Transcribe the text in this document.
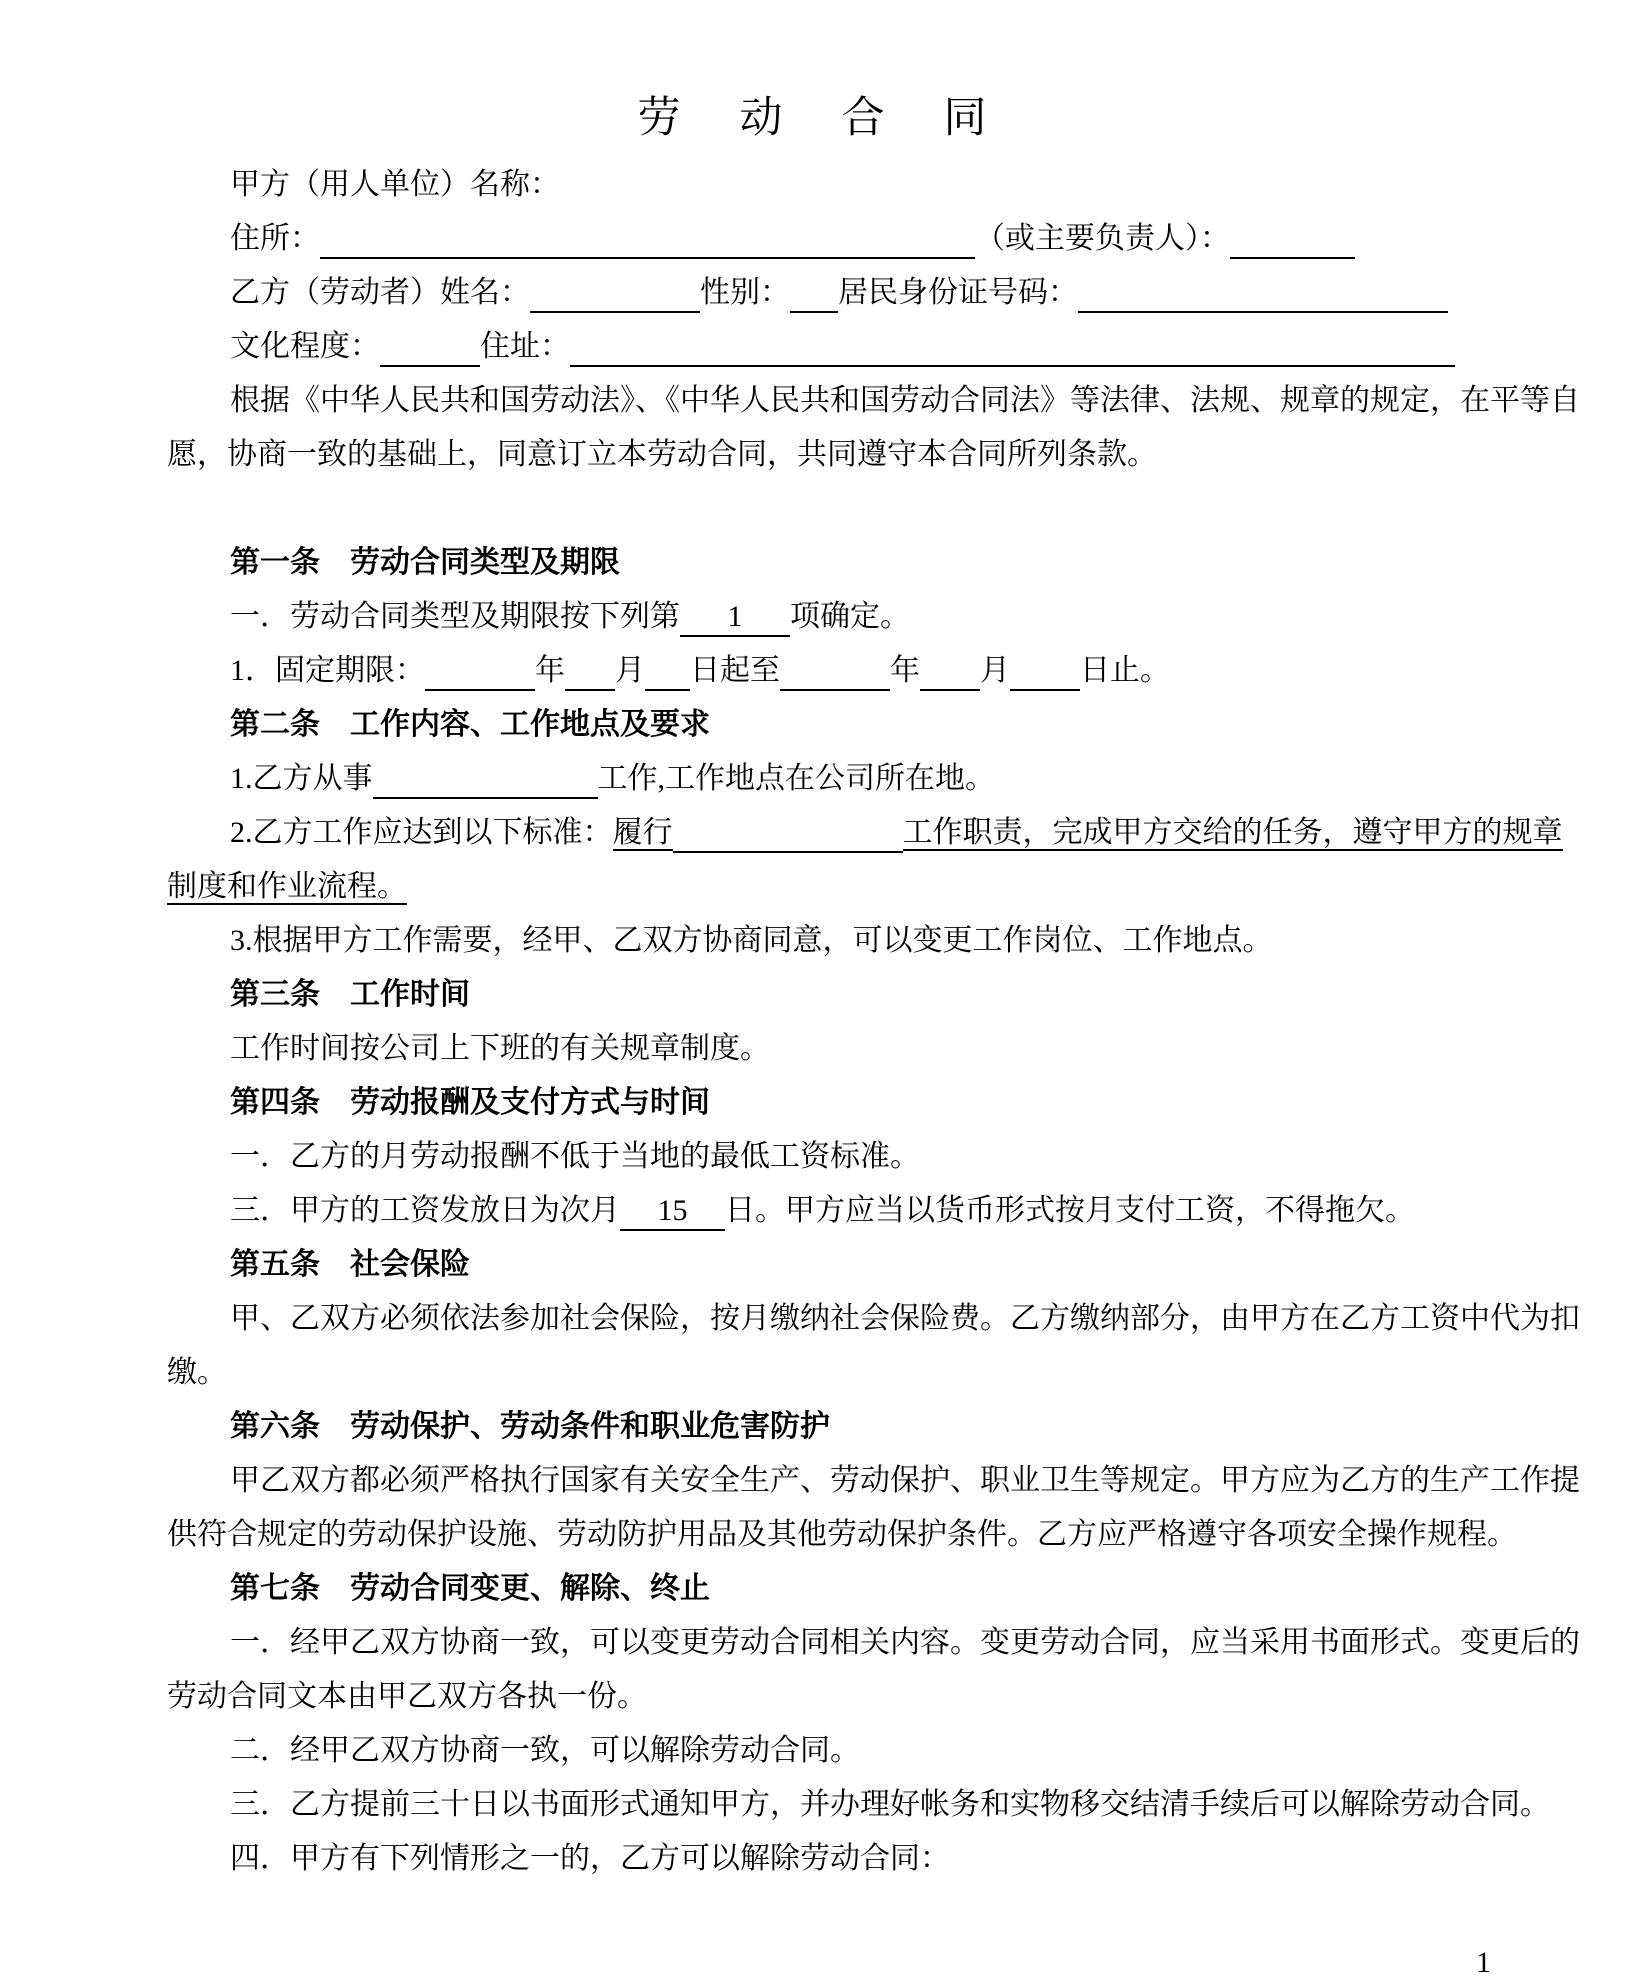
劳　动　合　同

甲方（用人单位）名称：

住所：	（或主要负责人）：

乙方（劳动者）姓名：	性别： 居民身份证号码：

文化程度：	住址：

根据《中华人民共和国劳动法》、《中华人民共和国劳动合同法》等法律、法规、规章的规定，在平等自

愿，协商一致的基础上，同意订立本劳动合同，共同遵守本合同所列条款。

第一条　劳动合同类型及期限

一．劳动合同类型及期限按下列第 1 项确定。

1．固定期限：	年 月 日起至	年 月 日止。

第二条　工作内容、工作地点及要求

1.乙方从事	工作,工作地点在公司所在地。

2.乙方工作应达到以下标准：履行	工作职责，完成甲方交给的任务，遵守甲方的规章

制度和作业流程。

3.根据甲方工作需要，经甲、乙双方协商同意，可以变更工作岗位、工作地点。

第三条　工作时间

工作时间按公司上下班的有关规章制度。

第四条　劳动报酬及支付方式与时间

一．乙方的月劳动报酬不低于当地的最低工资标准。

三．甲方的工资发放日为次月 15 日。甲方应当以货币形式按月支付工资，不得拖欠。

第五条　社会保险

甲、乙双方必须依法参加社会保险，按月缴纳社会保险费。乙方缴纳部分，由甲方在乙方工资中代为扣

缴。

第六条　劳动保护、劳动条件和职业危害防护

甲乙双方都必须严格执行国家有关安全生产、劳动保护、职业卫生等规定。甲方应为乙方的生产工作提

供符合规定的劳动保护设施、劳动防护用品及其他劳动保护条件。乙方应严格遵守各项安全操作规程。

第七条　劳动合同变更、解除、终止

一．经甲乙双方协商一致，可以变更劳动合同相关内容。变更劳动合同，应当采用书面形式。变更后的

劳动合同文本由甲乙双方各执一份。

二．经甲乙双方协商一致，可以解除劳动合同。

三．乙方提前三十日以书面形式通知甲方，并办理好帐务和实物移交结清手续后可以解除劳动合同。

四．甲方有下列情形之一的，乙方可以解除劳动合同：

1
